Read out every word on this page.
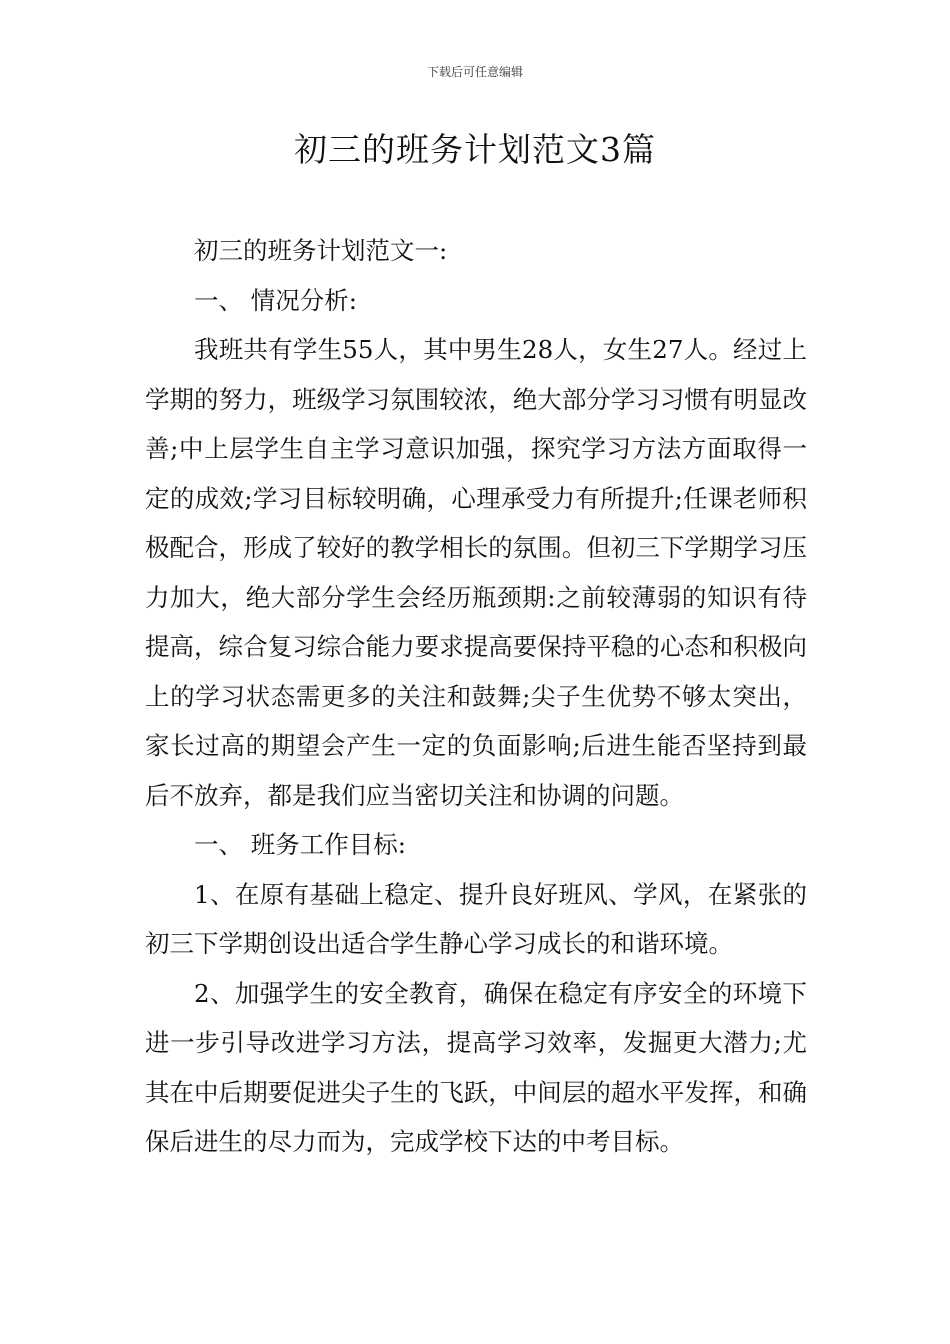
下载后可任意编辑
初三的班务计划范文3篇

初三的班务计划范文一:

一、 情况分析:

我班共有学生55人，其中男生28人，女生27人。经过上学期的努力，班级学习氛围较浓，绝大部分学习习惯有明显改善;中上层学生自主学习意识加强，探究学习方法方面取得一定的成效;学习目标较明确，心理承受力有所提升;任课老师积极配合，形成了较好的教学相长的氛围。但初三下学期学习压力加大，绝大部分学生会经历瓶颈期:之前较薄弱的知识有待提高，综合复习综合能力要求提高要保持平稳的心态和积极向上的学习状态需更多的关注和鼓舞;尖子生优势不够太突出，家长过高的期望会产生一定的负面影响;后进生能否坚持到最后不放弃，都是我们应当密切关注和协调的问题。

一、 班务工作目标:

1、在原有基础上稳定、提升良好班风、学风，在紧张的初三下学期创设出适合学生静心学习成长的和谐环境。

2、加强学生的安全教育，确保在稳定有序安全的环境下进一步引导改进学习方法，提高学习效率，发掘更大潜力;尤其在中后期要促进尖子生的飞跃，中间层的超水平发挥，和确保后进生的尽力而为，完成学校下达的中考目标。
